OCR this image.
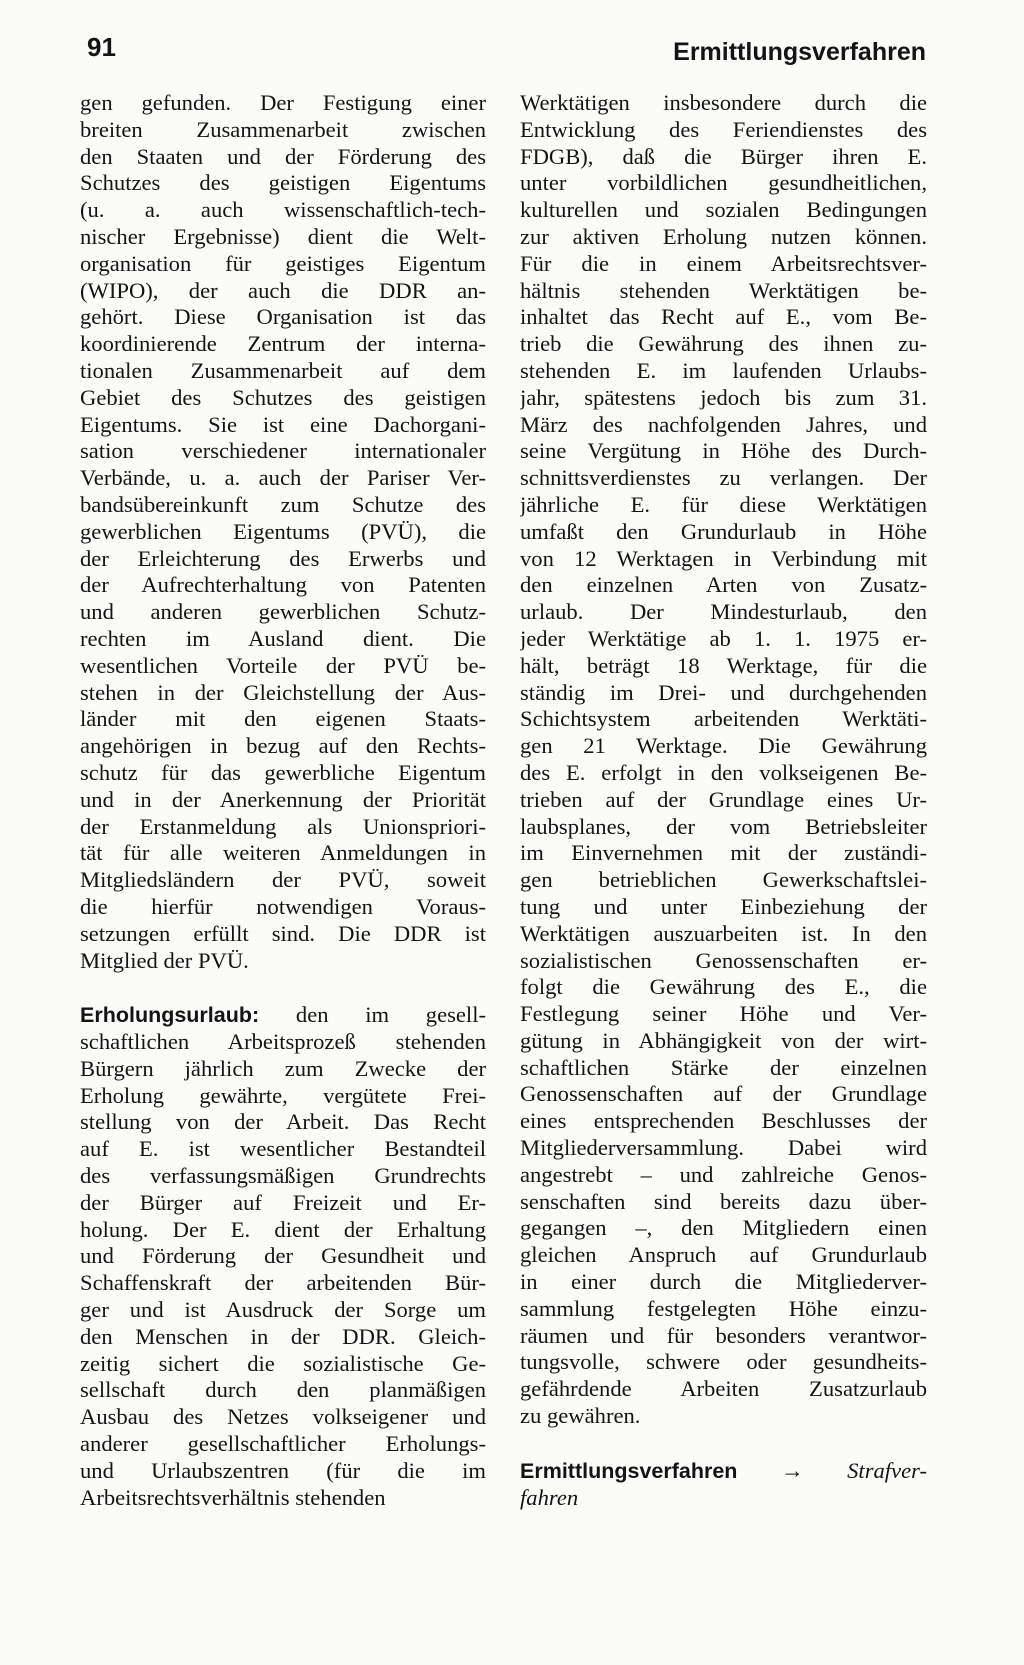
91	Ermittlungsverfahren

gen gefunden. Der Festigung einer
breiten Zusammenarbeit zwischen
den Staaten und der Förderung des
Schutzes des geistigen Eigentums
(u. a. auch wissenschaftlich-tech-
nischer Ergebnisse) dient die Welt-
organisation für geistiges Eigentum
(WIPO), der auch die DDR an-
gehört. Diese Organisation ist das
koordinierende Zentrum der interna-
tionalen Zusammenarbeit auf dem
Gebiet des Schutzes des geistigen
Eigentums. Sie ist eine Dachorgani-
sation verschiedener internationaler
Verbände, u. a. auch der Pariser Ver-
bandsübereinkunft zum Schutze des
gewerblichen Eigentums (PVÜ), die
der Erleichterung des Erwerbs und
der Aufrechterhaltung von Patenten
und anderen gewerblichen Schutz-
rechten im Ausland dient. Die
wesentlichen Vorteile der PVÜ be-
stehen in der Gleichstellung der Aus-
länder mit den eigenen Staats-
angehörigen in bezug auf den Rechts-
schutz für das gewerbliche Eigentum
und in der Anerkennung der Priorität
der Erstanmeldung als Unionspriori-
tät für alle weiteren Anmeldungen in
Mitgliedsländern der PVÜ, soweit
die hierfür notwendigen Voraus-
setzungen erfüllt sind. Die DDR ist
Mitglied der PVÜ.

Erholungsurlaub: den im gesell-
schaftlichen Arbeitsprozeß stehenden
Bürgern jährlich zum Zwecke der
Erholung gewährte, vergütete Frei-
stellung von der Arbeit. Das Recht
auf E. ist wesentlicher Bestandteil
des verfassungsmäßigen Grundrechts
der Bürger auf Freizeit und Er-
holung. Der E. dient der Erhaltung
und Förderung der Gesundheit und
Schaffenskraft der arbeitenden Bür-
ger und ist Ausdruck der Sorge um
den Menschen in der DDR. Gleich-
zeitig sichert die sozialistische Ge-
sellschaft durch den planmäßigen
Ausbau des Netzes volkseigener und
anderer gesellschaftlicher Erholungs-
und Urlaubszentren (für die im
Arbeitsrechtsverhältnis stehenden

Werktätigen insbesondere durch die
Entwicklung des Feriendienstes des
FDGB), daß die Bürger ihren E.
unter vorbildlichen gesundheitlichen,
kulturellen und sozialen Bedingungen
zur aktiven Erholung nutzen können.
Für die in einem Arbeitsrechtsver-
hältnis stehenden Werktätigen be-
inhaltet das Recht auf E., vom Be-
trieb die Gewährung des ihnen zu-
stehenden E. im laufenden Urlaubs-
jahr, spätestens jedoch bis zum 31.
März des nachfolgenden Jahres, und
seine Vergütung in Höhe des Durch-
schnittsverdienstes zu verlangen. Der
jährliche E. für diese Werktätigen
umfaßt den Grundurlaub in Höhe
von 12 Werktagen in Verbindung mit
den einzelnen Arten von Zusatz-
urlaub. Der Mindesturlaub, den
jeder Werktätige ab 1. 1. 1975 er-
hält, beträgt 18 Werktage, für die
ständig im Drei- und durchgehenden
Schichtsystem arbeitenden Werktäti-
gen 21 Werktage. Die Gewährung
des E. erfolgt in den volkseigenen Be-
trieben auf der Grundlage eines Ur-
laubsplanes, der vom Betriebsleiter
im Einvernehmen mit der zuständi-
gen betrieblichen Gewerkschaftslei-
tung und unter Einbeziehung der
Werktätigen auszuarbeiten ist. In den
sozialistischen Genossenschaften er-
folgt die Gewährung des E., die
Festlegung seiner Höhe und Ver-
gütung in Abhängigkeit von der wirt-
schaftlichen Stärke der einzelnen
Genossenschaften auf der Grundlage
eines entsprechenden Beschlusses der
Mitgliederversammlung. Dabei wird
angestrebt – und zahlreiche Genos-
senschaften sind bereits dazu über-
gegangen –, den Mitgliedern einen
gleichen Anspruch auf Grundurlaub
in einer durch die Mitgliederver-
sammlung festgelegten Höhe einzu-
räumen und für besonders verantwor-
tungsvolle, schwere oder gesundheits-
gefährdende Arbeiten Zusatzurlaub
zu gewähren.

Ermittlungsverfahren → Strafver-
fahren
